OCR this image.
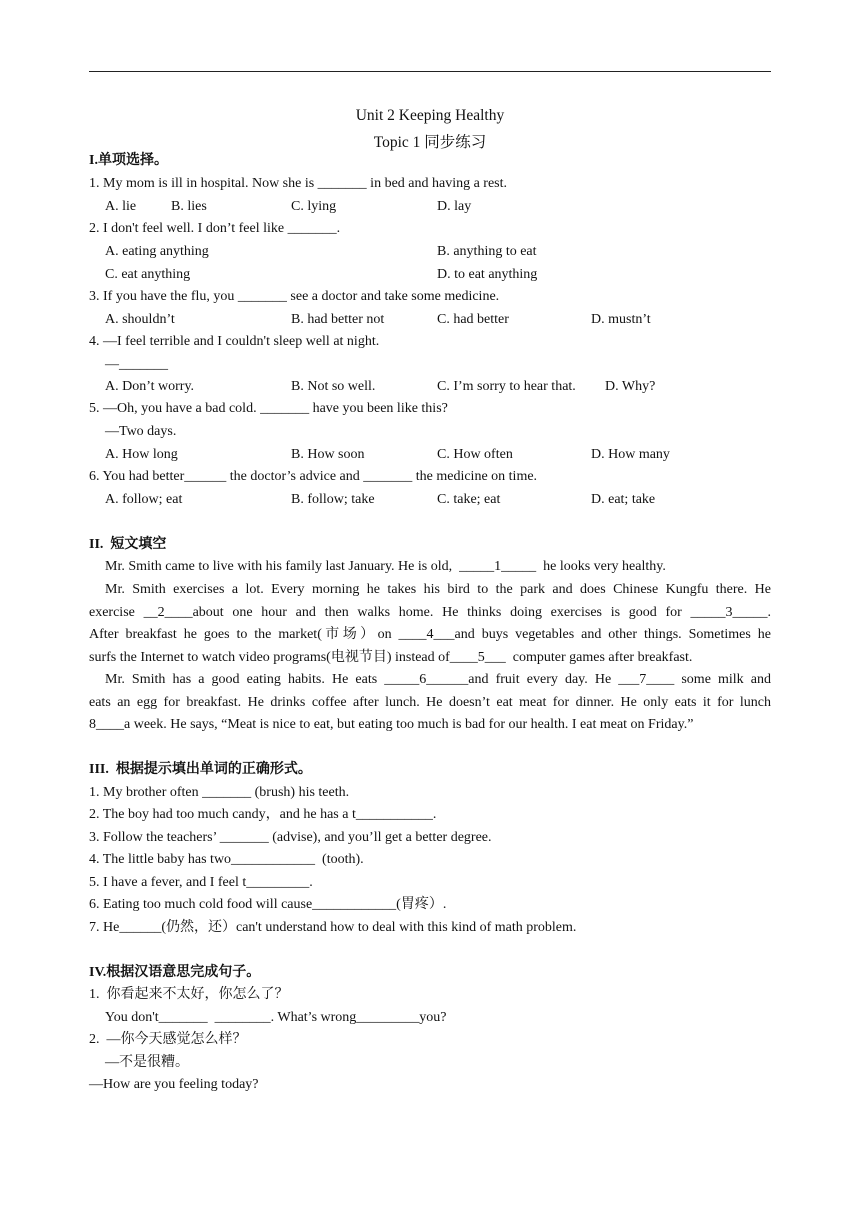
Unit 2 Keeping Healthy
Topic 1 同步练习
I.单项选择。
1. My mom is ill in hospital. Now she is _______ in bed and having a rest.
A. lie B. lies	C. lying	D. lay
2. I don't feel well. I don’t feel like _______.
A. eating anything	B. anything to eat
C. eat anything	D. to eat anything
3. If you have the flu, you _______ see a doctor and take some medicine.
A. shouldn’t	B. had better not	C. had better	D. mustn’t
4. —I feel terrible and I couldn't sleep well at night.
—_______
A. Don’t worry.	B. Not so well.	C. I’m sorry to hear that. D. Why?
5. —Oh, you have a bad cold. _______ have you been like this?
—Two days.
A. How long	B. How soon	C. How often	D. How many
6. You had better______ the doctor’s advice and _______ the medicine on time.
A. follow; eat	B. follow; take	C. take; eat	D. eat; take
II.  短文填空
Mr. Smith came to live with his family last January. He is old,  _____1_____  he looks very healthy.
Mr. Smith exercises a lot. Every morning he takes his bird to the park and does Chinese Kungfu there. He
exercise __2____about one hour and then walks home. He thinks doing exercises is good for _____3_____.
After breakfast he goes to the market(市场）on ____4___and buys vegetables and other things. Sometimes he
surfs the Internet to watch video programs(电视节目) instead of____5___  computer games after breakfast.
Mr. Smith has a good eating habits. He eats _____6______and fruit every day. He ___7____ some milk and
eats an egg for breakfast. He drinks coffee after lunch. He doesn’t eat meat for dinner. He only eats it for lunch
8____a week. He says, “Meat is nice to eat, but eating too much is bad for our health. I eat meat on Friday.”
III.  根据提示填出单词的正确形式。
1. My brother often _______ (brush) his teeth.
2. The boy had too much candy，and he has a t___________.
3. Follow the teachers’ _______ (advise), and you’ll get a better degree.
4. The little baby has two____________  (tooth).
5. I have a fever, and I feel t_________.
6. Eating too much cold food will cause____________(胃疼）.
7. He______(仍然，还）can't understand how to deal with this kind of math problem.
IV.根据汉语意思完成句子。
1.  你看起来不太好，你怎么了？
You don't_______  ________. What’s wrong_________you?
2.  —你今天感觉怎么样？
—不是很糟。
—How are you feeling today?
